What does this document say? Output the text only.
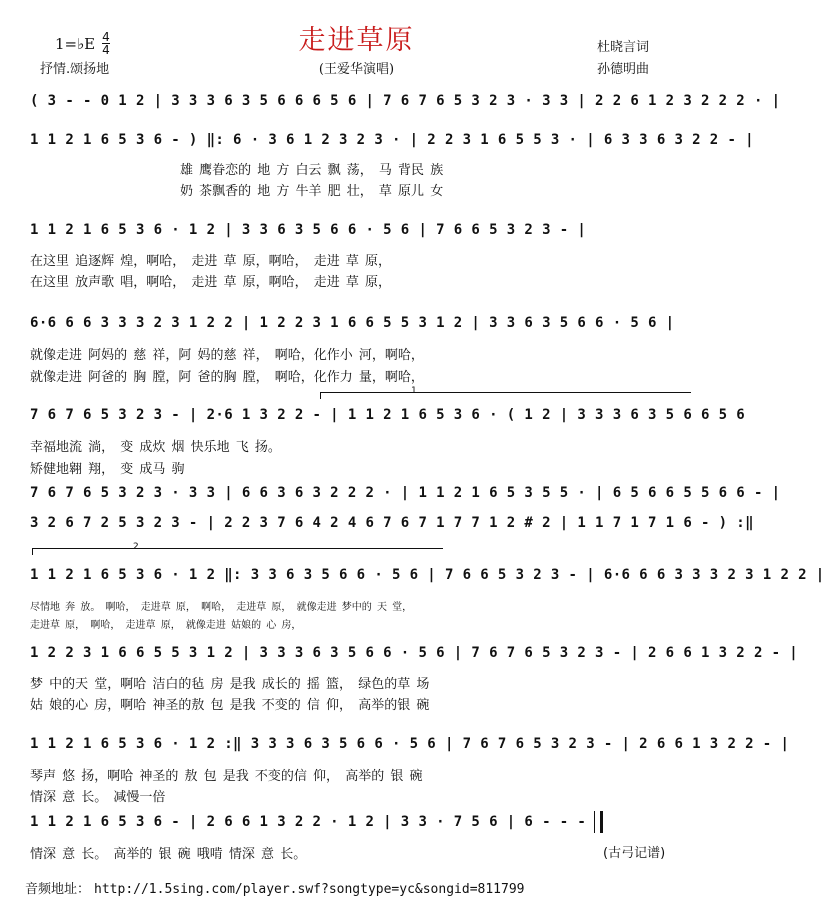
走进草原
(王爱华演唱)
1=♭E 4
4
抒情.颂扬地
杜晓言词
孙德明曲
( 3 - - 0 1 2 | 3 3 3 6 3 5 6 6 6 5 6 | 7 6 7 6 5 3 2 3 · 3 3 | 2 2 6 1 2 3 2 2 2 · |
1 1 2 1 6 5 3 6 - ) ‖: 6 · 3 6 1 2 3 2 3 · | 2 2 3 1 6 5 5 3 · | 6 3 3 6 3 2 2 - |
雄 鹰眷恋的 地 方 白云 飘 荡， 马 背民 族
奶 茶飘香的 地 方 牛羊 肥 壮， 草 原儿 女
1 1 2 1 6 5 3 6 · 1 2 | 3 3 6 3 5 6 6 · 5 6 | 7 6 6 5 3 2 3 - |
在这里 追逐辉 煌，啊哈， 走进 草 原，啊哈， 走进 草 原，
在这里 放声歌 唱，啊哈， 走进 草 原，啊哈， 走进 草 原，
6·6 6 6 3 3 3 2 3 1 2 2 | 1 2 2 3 1 6 6 5 5 3 1 2 | 3 3 6 3 5 6 6 · 5 6 |
就像走进 阿妈的 慈 祥，阿 妈的慈 祥， 啊哈，化作小 河，啊哈，
就像走进 阿爸的 胸 膛，阿 爸的胸 膛， 啊哈，化作力 量，啊哈，
1
7 6 7 6 5 3 2 3 - | 2·6 1 3 2 2 - | 1 1 2 1 6 5 3 6 · ( 1 2 | 3 3 3 6 3 5 6 6 5 6
幸福地流 淌， 变 成炊 烟 快乐地 飞 扬。
矫健地翱 翔， 变 成马 驹
7 6 7 6 5 3 2 3 · 3 3 | 6 6 3 6 3 2 2 2 · | 1 1 2 1 6 5 3 5 5 · | 6 5 6 6 5 5 6 6 - |
3 2 6 7 2 5 3 2 3 - | 2 2 3 7 6 4 2 4 6 7 6 7 1 7 7 1 2 # 2 | 1 1 7 1 7 1 6 - ) :‖
2
1 1 2 1 6 5 3 6 · 1 2 ‖: 3 3 6 3 5 6 6 · 5 6 | 7 6 6 5 3 2 3 - | 6·6 6 6 3 3 3 2 3 1 2 2 |
尽情地 奔 放。 啊哈， 走进草 原， 啊哈， 走进草 原， 就像走进 梦中的 天 堂，
走进草 原， 啊哈， 走进草 原， 就像走进 姑娘的 心 房，
1 2 2 3 1 6 6 5 5 3 1 2 | 3 3 3 6 3 5 6 6 · 5 6 | 7 6 7 6 5 3 2 3 - | 2 6 6 1 3 2 2 - |
梦 中的天 堂，啊哈 洁白的毡 房 是我 成长的 摇 篮， 绿色的草 场
姑 娘的心 房，啊哈 神圣的敖 包 是我 不变的 信 仰， 高举的银 碗
1 1 2 1 6 5 3 6 · 1 2 :‖ 3 3 3 6 3 5 6 6 · 5 6 | 7 6 7 6 5 3 2 3 - | 2 6 6 1 3 2 2 - |
琴声 悠 扬，啊哈 神圣的 敖 包 是我 不变的信 仰， 高举的 银 碗
情深 意 长。 减慢一倍
1 1 2 1 6 5 3 6 - | 2 6 6 1 3 2 2 · 1 2 | 3 3 · 7 5 6 | 6 - - -
情深 意 长。 高举的 银 碗 哦啃 情深 意 长。	(古弓记谱)
音频地址： http://1.5sing.com/player.swf?songtype=yc&songid=811799
